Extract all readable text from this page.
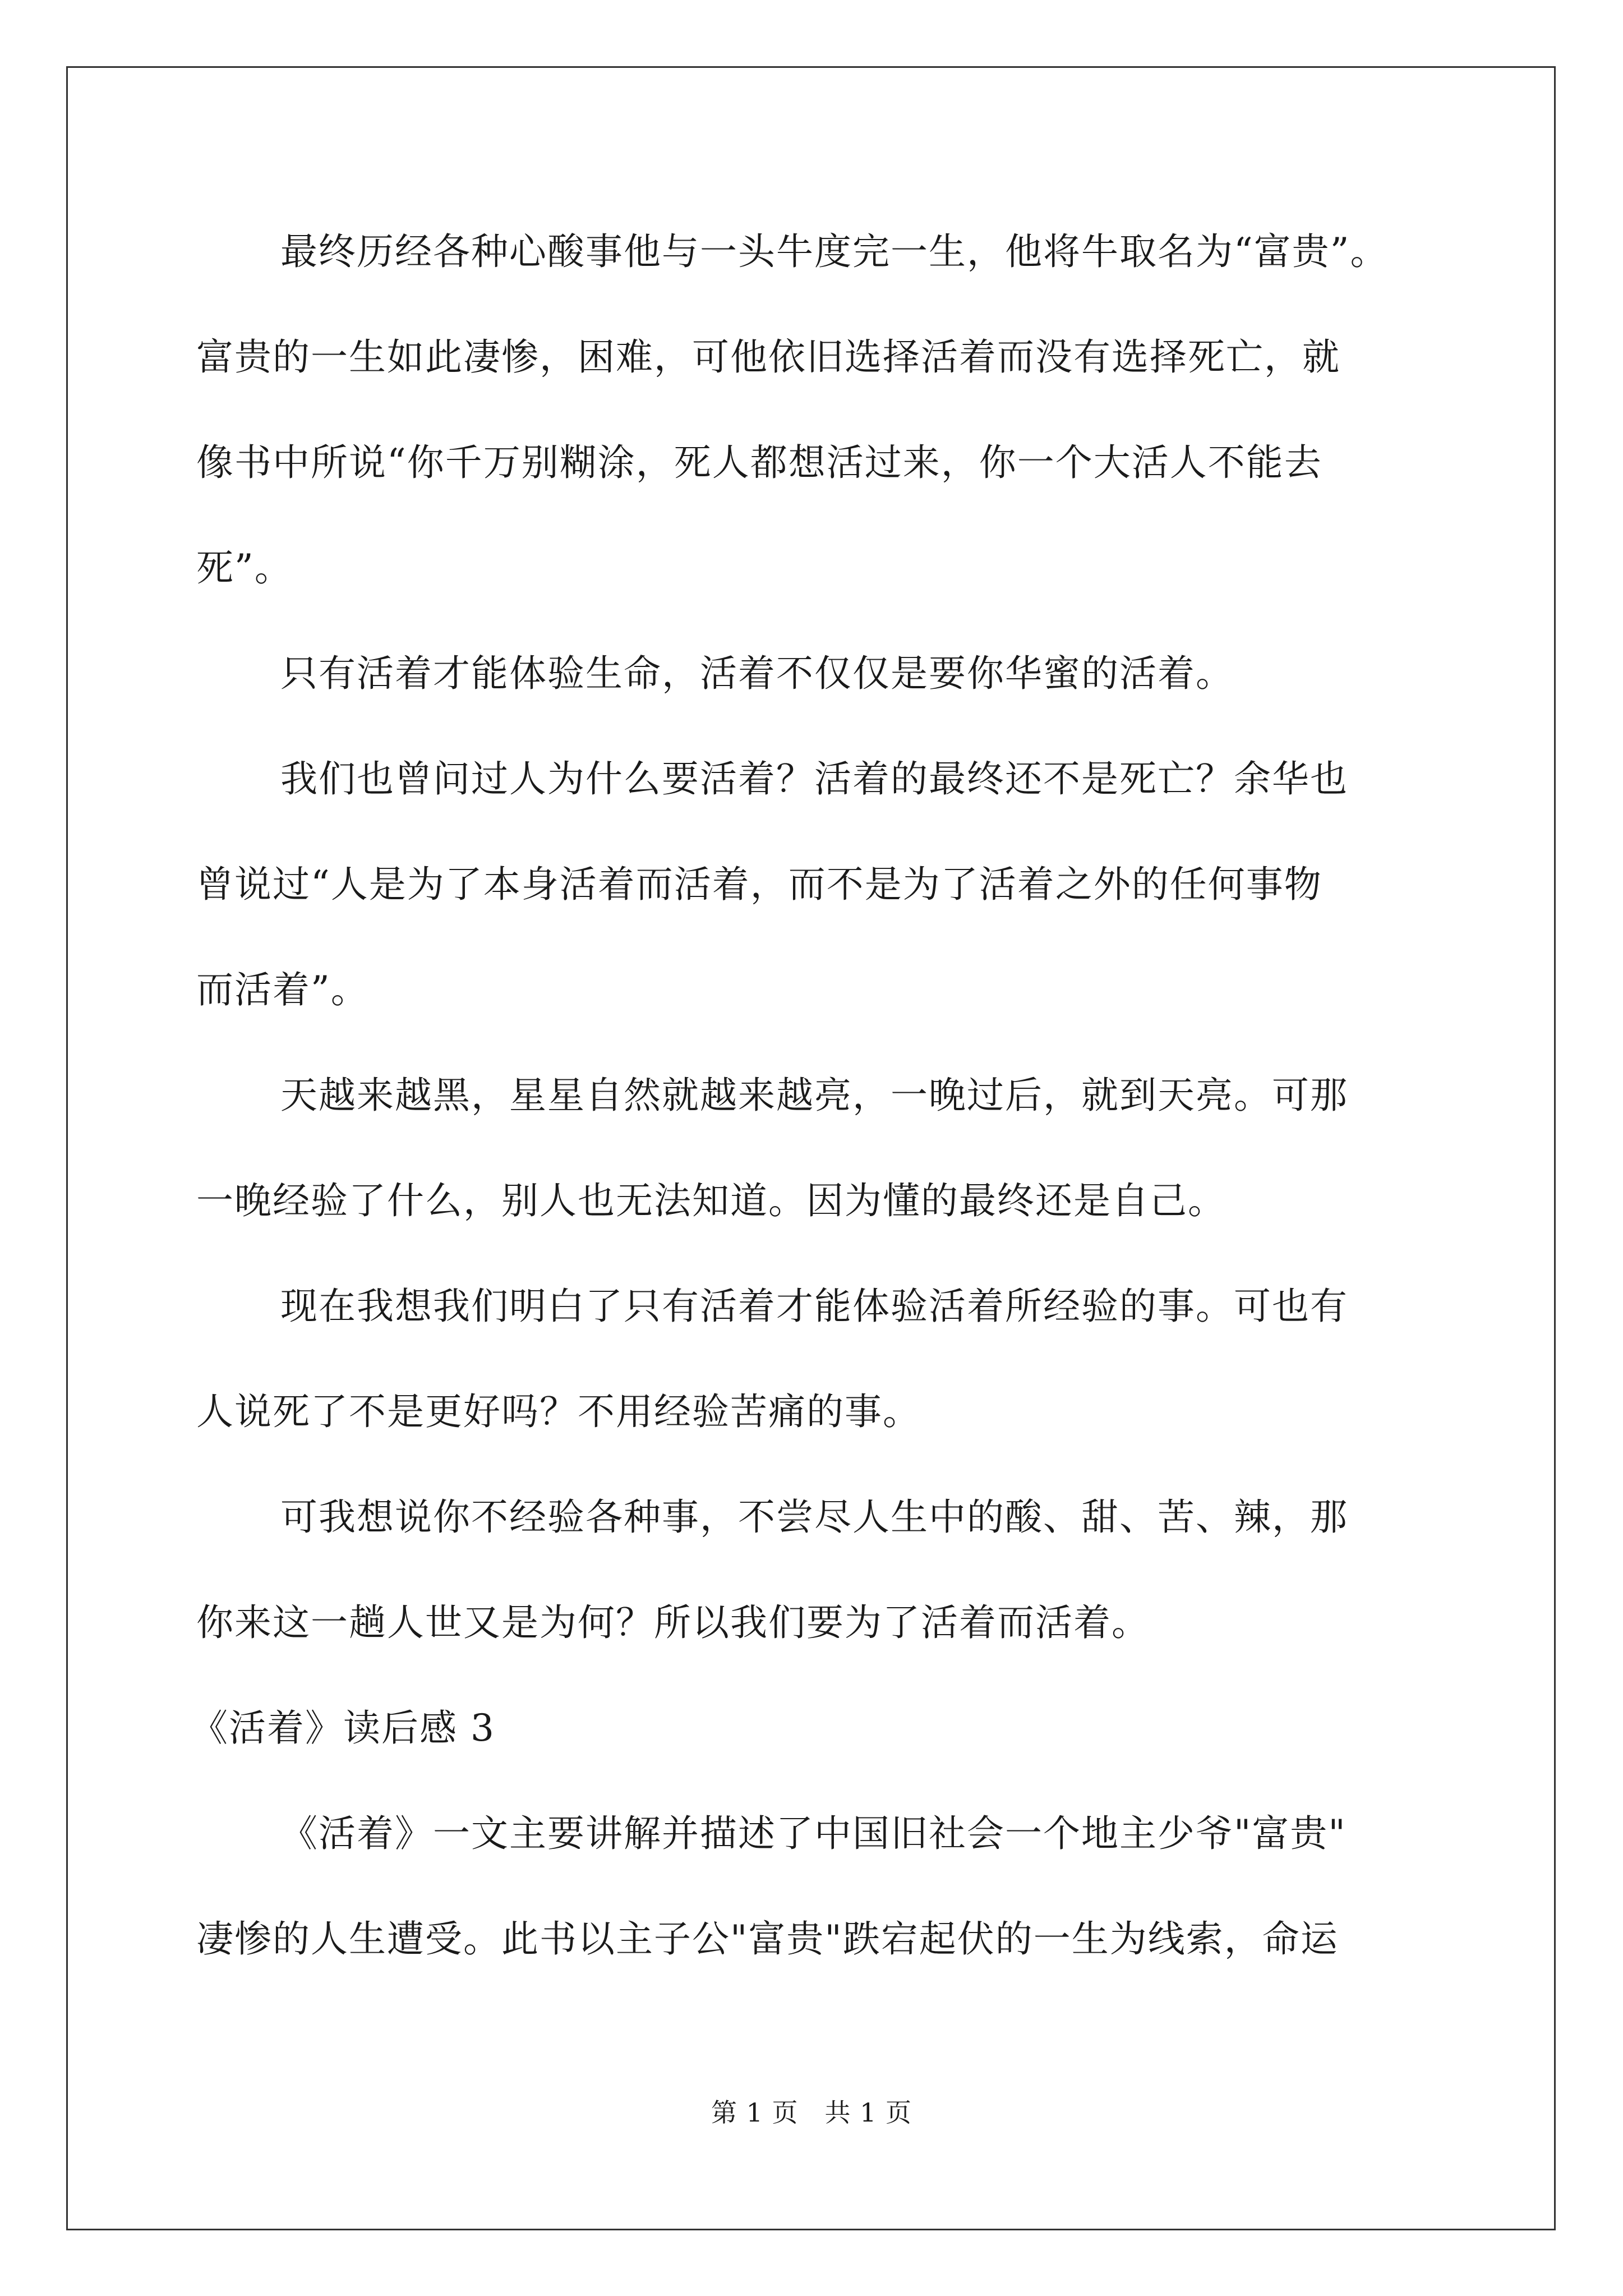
最终历经各种心酸事他与一头牛度完一生，他将牛取名为“富贵”。
富贵的一生如此凄惨，困难，可他依旧选择活着而没有选择死亡，就
像书中所说“你千万别糊涂，死人都想活过来，你一个大活人不能去
死”。
只有活着才能体验生命，活着不仅仅是要你华蜜的活着。
我们也曾问过人为什么要活着？活着的最终还不是死亡？余华也
曾说过“人是为了本身活着而活着，而不是为了活着之外的任何事物
而活着”。
天越来越黑，星星自然就越来越亮，一晚过后，就到天亮。可那
一晚经验了什么，别人也无法知道。因为懂的最终还是自己。
现在我想我们明白了只有活着才能体验活着所经验的事。可也有
人说死了不是更好吗？不用经验苦痛的事。
可我想说你不经验各种事，不尝尽人生中的酸、甜、苦、辣，那
你来这一趟人世又是为何？所以我们要为了活着而活着。
《活着》读后感 3
《活着》一文主要讲解并描述了中国旧社会一个地主少爷"富贵"
凄惨的人生遭受。此书以主子公"富贵"跌宕起伏的一生为线索，命运
第 1 页　共 1 页
